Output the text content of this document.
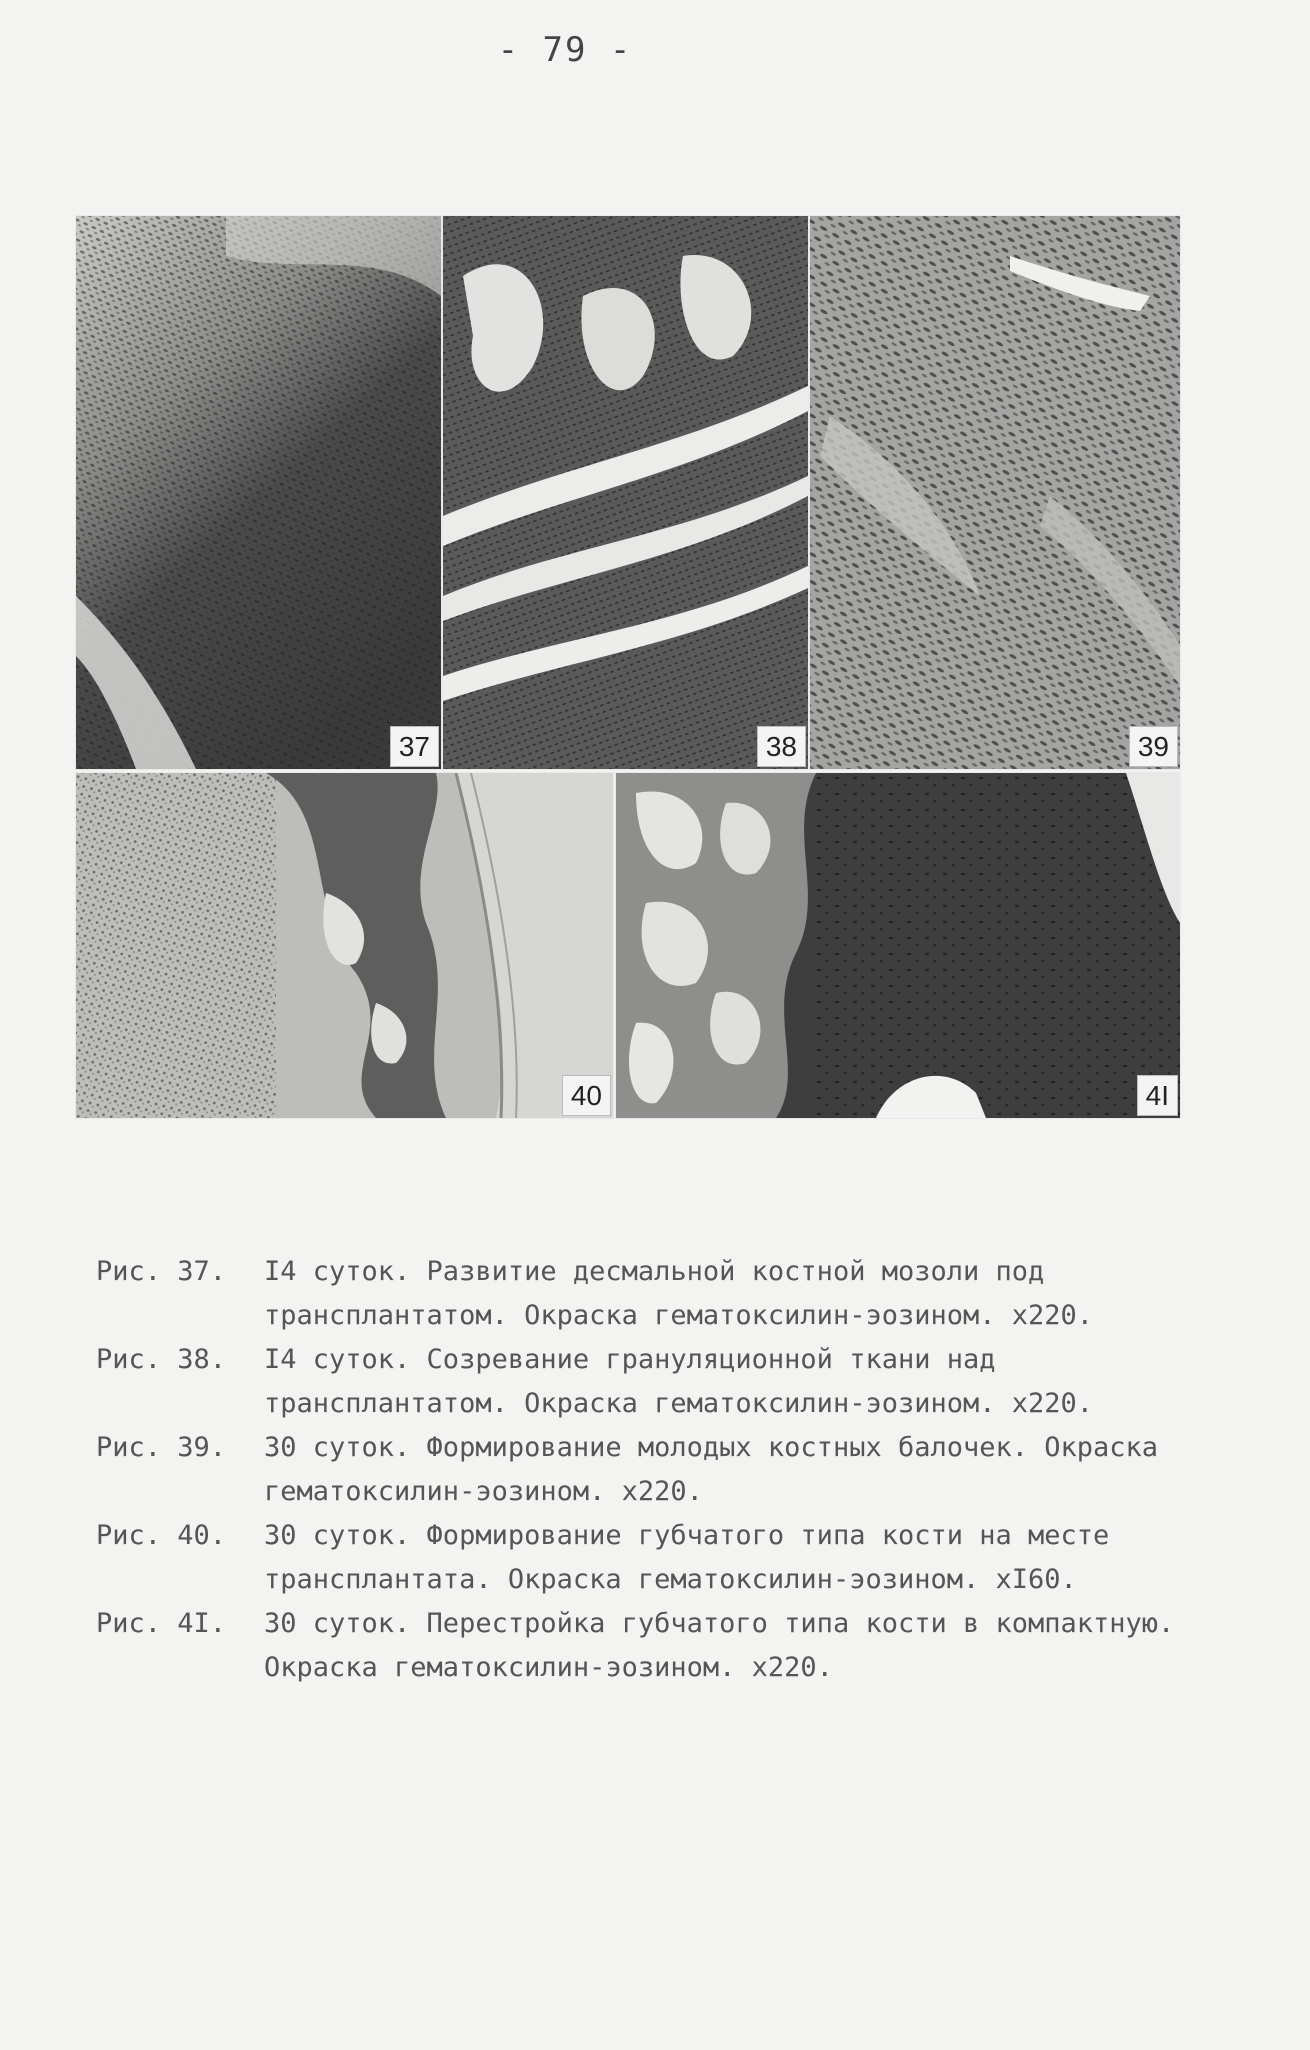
- 79 -
37	38	39
40	4I
Рис. 37.	I4 суток. Развитие десмальной костной мозоли под трансплантатом. Окраска гематоксилин-эозином. x220.
Рис. 38.	I4 суток. Созревание грануляционной ткани над трансплантатом. Окраска гематоксилин-эозином. x220.
Рис. 39.	30 суток. Формирование молодых костных балочек. Окраска гематоксилин-эозином. x220.
Рис. 40.	30 суток. Формирование губчатого типа кости на месте трансплантата. Окраска гематоксилин-эозином. xI60.
Рис. 4I.	30 суток. Перестройка губчатого типа кости в компактную. Окраска гематоксилин-эозином. x220.
